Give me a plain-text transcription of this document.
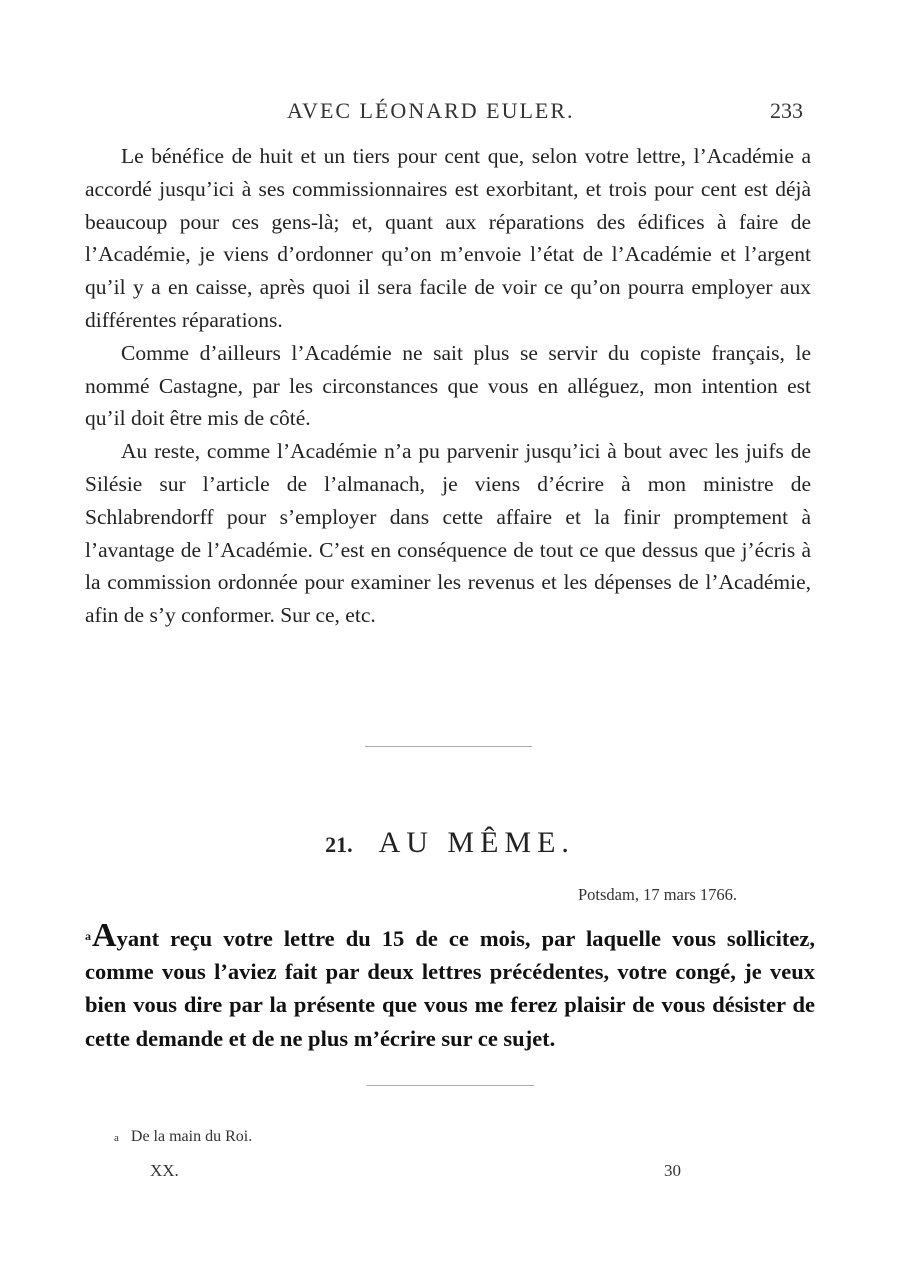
AVEC LÉONARD EULER.	233

Le bénéfice de huit et un tiers pour cent que, selon votre lettre, l’Académie a accordé jusqu’ici à ses commissionnaires est exorbitant, et trois pour cent est déjà beaucoup pour ces gens-là; et, quant aux réparations des édifices à faire de l’Académie, je viens d’ordonner qu’on m’envoie l’état de l’Académie et l’argent qu’il y a en caisse, après quoi il sera facile de voir ce qu’on pourra employer aux différentes réparations.

Comme d’ailleurs l’Académie ne sait plus se servir du copiste français, le nommé Castagne, par les circonstances que vous en alléguez, mon intention est qu’il doit être mis de côté.

Au reste, comme l’Académie n’a pu parvenir jusqu’ici à bout avec les juifs de Silésie sur l’article de l’almanach, je viens d’écrire à mon ministre de Schlabrendorff pour s’employer dans cette affaire et la finir promptement à l’avantage de l’Académie. C’est en conséquence de tout ce que dessus que j’écris à la commission ordonnée pour examiner les revenus et les dépenses de l’Académie, afin de s’y conformer. Sur ce, etc.

21. AU MÊME.
Potsdam, 17 mars 1766.

$^a$Ayant reçu votre lettre du 15 de ce mois, par laquelle vous sollicitez, comme vous l’aviez fait par deux lettres précédentes, votre congé, je veux bien vous dire par la présente que vous me ferez plaisir de vous désister de cette demande et de ne plus m’écrire sur ce sujet.

a De la main du Roi.
XX.	30
